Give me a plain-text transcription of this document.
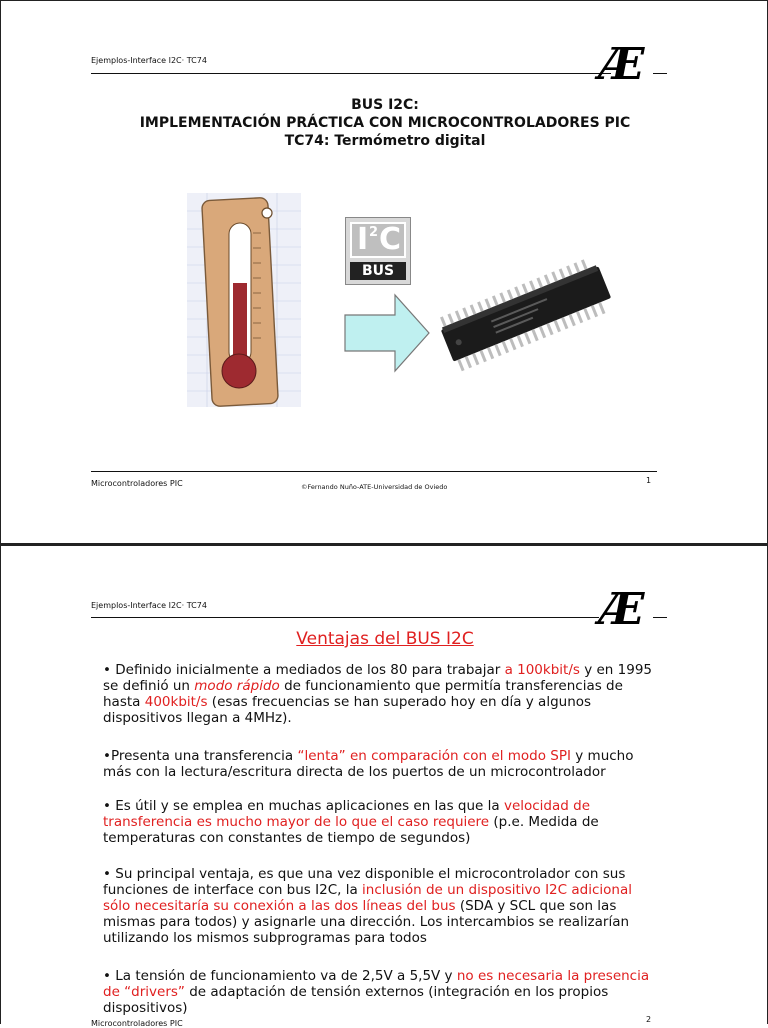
Ejemplos-Interface I2C· TC74	Æ
BUS I2C:
IMPLEMENTACIÓN PRÁCTICA CON MICROCONTROLADORES PIC
TC74: Termómetro digital
I 2 C
BUS
Microcontroladores PIC	©Fernando Nuño-ATE-Universidad de Oviedo
1
Ejemplos-Interface I2C· TC74	Æ
Ventajas del BUS I2C
• Definido inicialmente a mediados de los 80 para trabajar a 100kbit/s y en 1995 se definió un modo rápido de funcionamiento que permitía transferencias de hasta 400kbit/s (esas frecuencias se han superado hoy en día y algunos dispositivos llegan a 4MHz).
•Presenta una transferencia “lenta” en comparación con el modo SPI y mucho más con la lectura/escritura directa de los puertos de un microcontrolador
• Es útil y se emplea en muchas aplicaciones en las que la velocidad de transferencia es mucho mayor de lo que el caso requiere (p.e. Medida de temperaturas con constantes de tiempo de segundos)
• Su principal ventaja, es que una vez disponible el microcontrolador con sus funciones de interface con bus I2C, la inclusión de un dispositivo I2C adicional sólo necesitaría su conexión a las dos líneas del bus (SDA y SCL que son las mismas para todos) y asignarle una dirección. Los intercambios se realizarían utilizando los mismos subprogramas para todos
• La tensión de funcionamiento va de 2,5V a 5,5V y no es necesaria la presencia de “drivers” de adaptación de tensión externos (integración en los propios dispositivos)
Microcontroladores PIC	2
